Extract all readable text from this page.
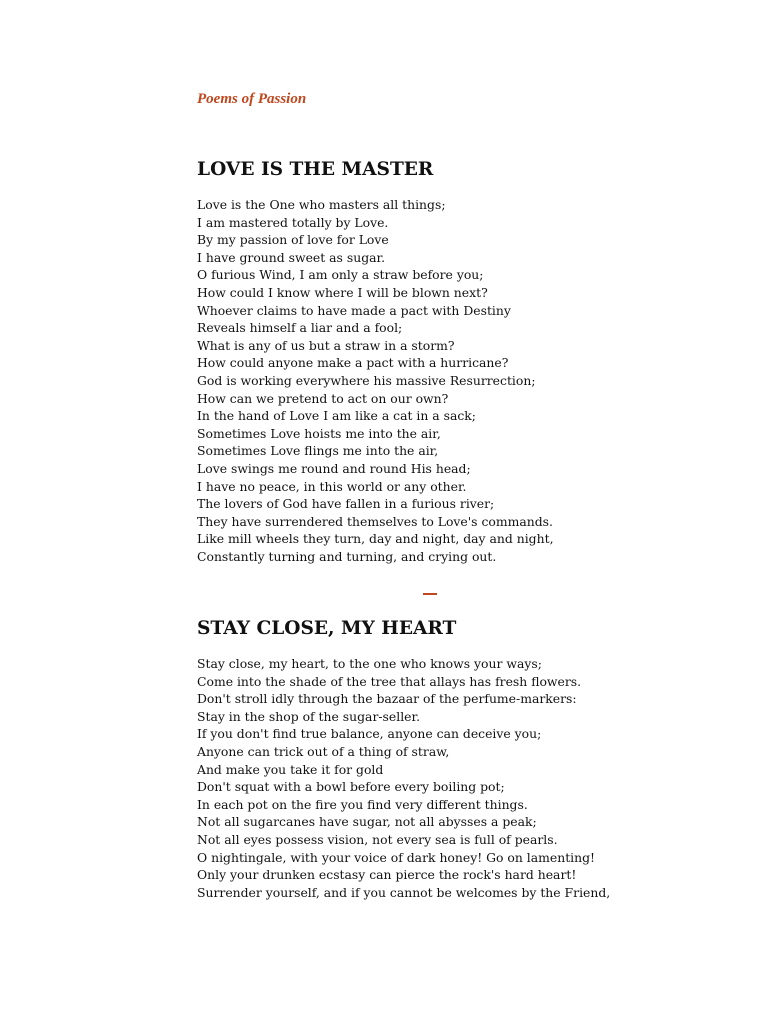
Poems of Passion
LOVE IS THE MASTER
Love is the One who masters all things;
I am mastered totally by Love.
By my passion of love for Love
I have ground sweet as sugar.
O furious Wind, I am only a straw before you;
How could I know where I will be blown next?
Whoever claims to have made a pact with Destiny
Reveals himself a liar and a fool;
What is any of us but a straw in a storm?
How could anyone make a pact with a hurricane?
God is working everywhere his massive Resurrection;
How can we pretend to act on our own?
In the hand of Love I am like a cat in a sack;
Sometimes Love hoists me into the air,
Sometimes Love flings me into the air,
Love swings me round and round His head;
I have no peace, in this world or any other.
The lovers of God have fallen in a furious river;
They have surrendered themselves to Love's commands.
Like mill wheels they turn, day and night, day and night,
Constantly turning and turning, and crying out.
STAY CLOSE, MY HEART
Stay close, my heart, to the one who knows your ways;
Come into the shade of the tree that allays has fresh flowers.
Don't stroll idly through the bazaar of the perfume-markers:
Stay in the shop of the sugar-seller.
If you don't find true balance, anyone can deceive you;
Anyone can trick out of a thing of straw,
And make you take it for gold
Don't squat with a bowl before every boiling pot;
In each pot on the fire you find very different things.
Not all sugarcanes have sugar, not all abysses a peak;
Not all eyes possess vision, not every sea is full of pearls.
O nightingale, with your voice of dark honey! Go on lamenting!
Only your drunken ecstasy can pierce the rock's hard heart!
Surrender yourself, and if you cannot be welcomes by the Friend,
